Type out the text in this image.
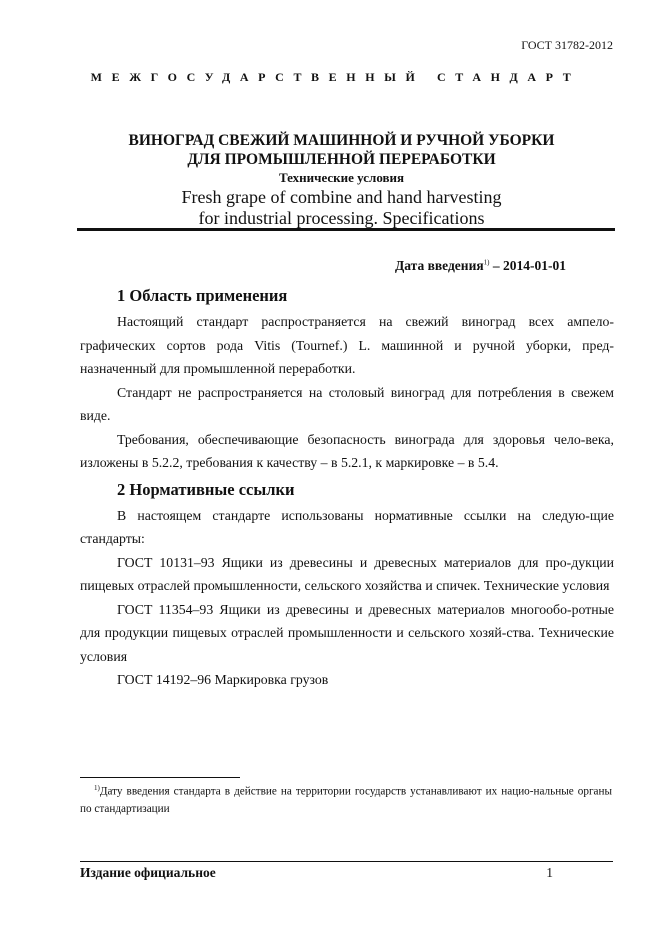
ГОСТ 31782-2012
МЕЖГОСУДАРСТВЕННЫЙ СТАНДАРТ
ВИНОГРАД СВЕЖИЙ МАШИННОЙ И РУЧНОЙ УБОРКИ
ДЛЯ ПРОМЫШЛЕННОЙ ПЕРЕРАБОТКИ
Технические условия
Fresh grape of combine and hand harvesting
for industrial processing. Specifications
Дата введения$^{1)}$ – 2014-01-01
1 Область применения

Настоящий стандарт распространяется на свежий виноград всех ампело-графических сортов рода Vitis (Tournef.) L. машинной и ручной уборки, пред-назначенный для промышленной переработки.

Стандарт не распространяется на столовый виноград для потребления в свежем виде.

Требования, обеспечивающие безопасность винограда для здоровья чело-века, изложены в 5.2.2, требования к качеству – в 5.2.1, к маркировке – в 5.4.

2 Нормативные ссылки

В настоящем стандарте использованы нормативные ссылки на следую-щие стандарты:

ГОСТ 10131–93 Ящики из древесины и древесных материалов для про-дукции пищевых отраслей промышленности, сельского хозяйства и спичек. Технические условия

ГОСТ 11354–93 Ящики из древесины и древесных материалов многообо-ротные для продукции пищевых отраслей промышленности и сельского хозяй-ства. Технические условия

ГОСТ 14192–96 Маркировка грузов

$^{1)}$Дату введения стандарта в действие на территории государств устанавливают их нацио-нальные органы по стандартизации
Издание официальное	1
